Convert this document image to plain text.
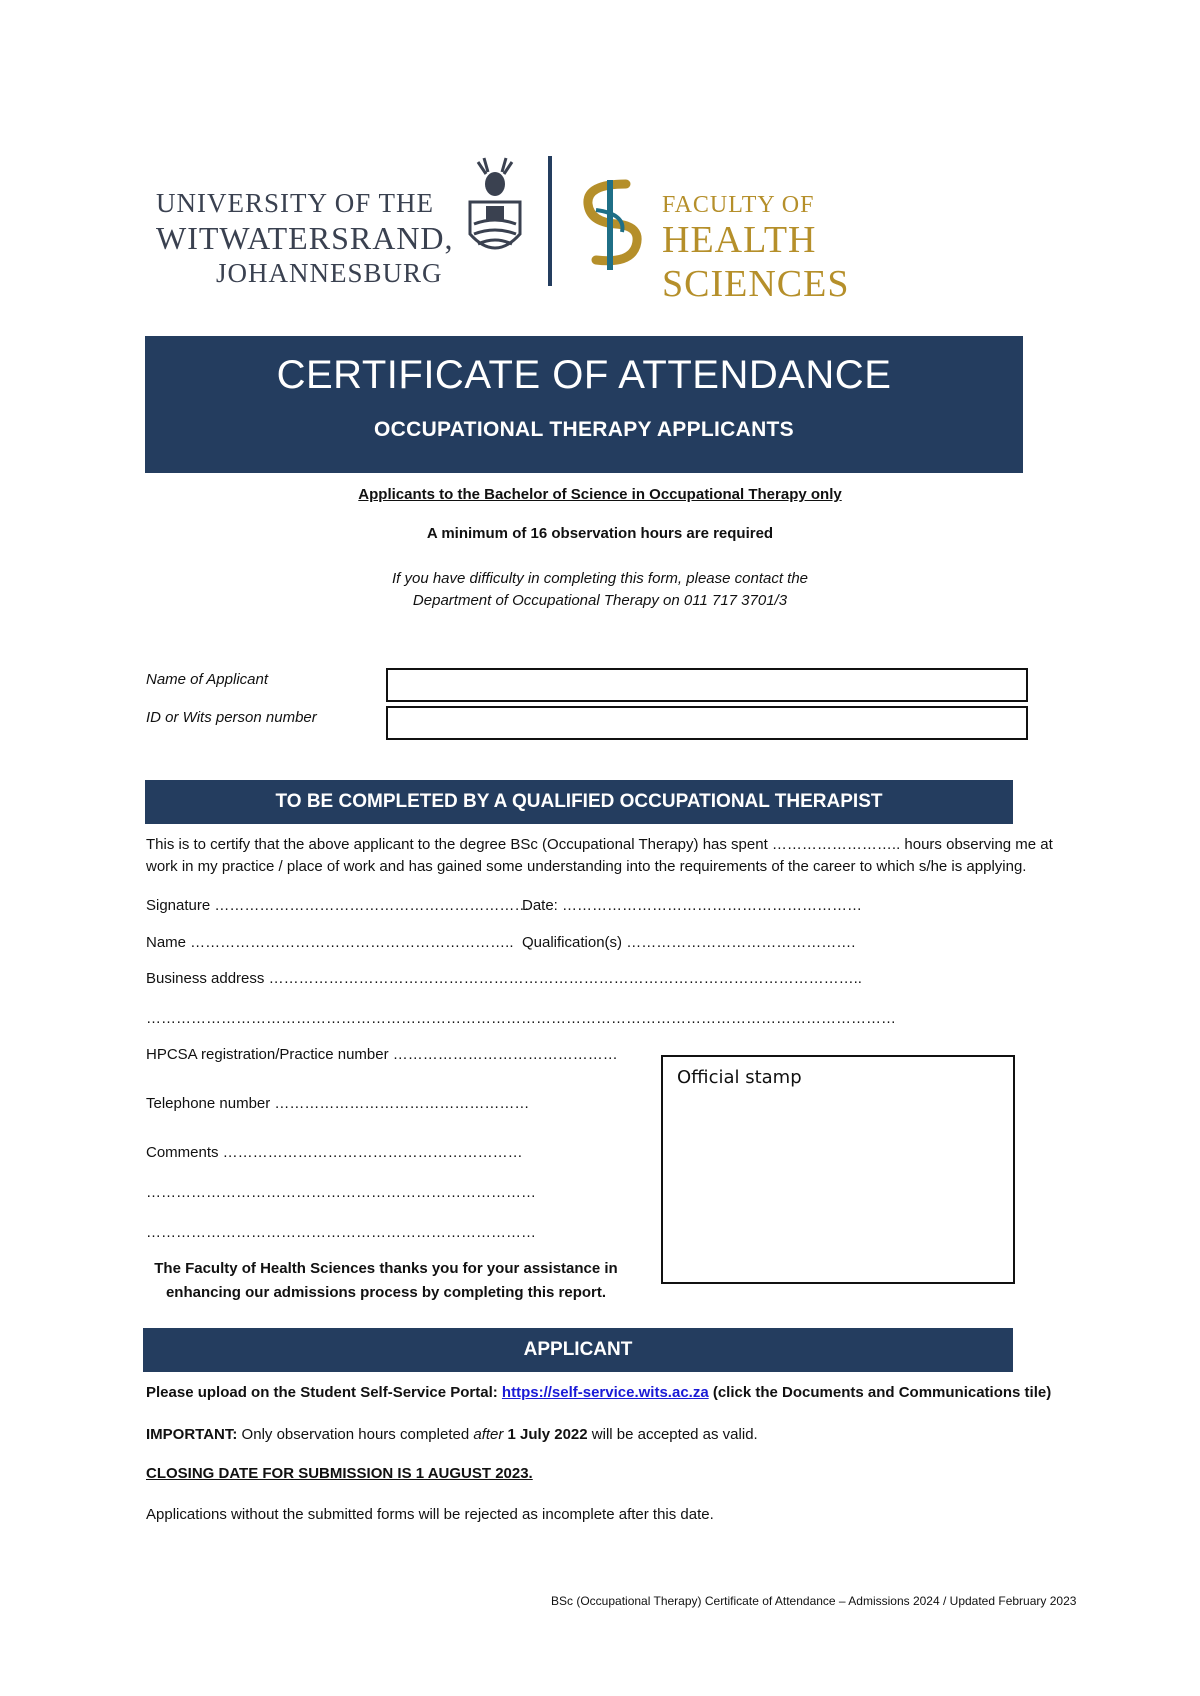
UNIVERSITY OF THE
WITWATERSRAND,
JOHANNESBURG
FACULTY OF
HEALTH SCIENCES
CERTIFICATE OF ATTENDANCE
OCCUPATIONAL THERAPY APPLICANTS
Applicants to the Bachelor of Science in Occupational Therapy only
A minimum of 16 observation hours are required
If you have difficulty in completing this form, please contact the
Department of Occupational Therapy on 011 717 3701/3
Name of Applicant
ID or Wits person number
TO BE COMPLETED BY A QUALIFIED OCCUPATIONAL THERAPIST
This is to certify that the above applicant to the degree BSc (Occupational Therapy) has spent …………………….. hours observing me at
work in my practice / place of work and has gained some understanding into the requirements of the career to which s/he is applying.
Signature ………………………………………………………
Date: ……………………………………………………
Name ……………………………………………………….. Qualification(s) ……………………………………….
Business address ………………………………………………………………………………………………………..
……………………………………………………………………………………………………………………………………
HPCSA registration/Practice number ………………………………………
Telephone number ……………………………………………
Comments ……………………………………………………
……………………………………………………………………
……………………………………………………………………
The Faculty of Health Sciences thanks you for your assistance in
enhancing our admissions process by completing this report.
Official stamp
APPLICANT
Please upload on the Student Self-Service Portal: https://self-service.wits.ac.za (click the Documents and Communications tile)
IMPORTANT: Only observation hours completed after 1 July 2022 will be accepted as valid.
CLOSING DATE FOR SUBMISSION IS 1 AUGUST 2023.
Applications without the submitted forms will be rejected as incomplete after this date.
BSc (Occupational Therapy) Certificate of Attendance – Admissions 2024 / Updated February 2023
